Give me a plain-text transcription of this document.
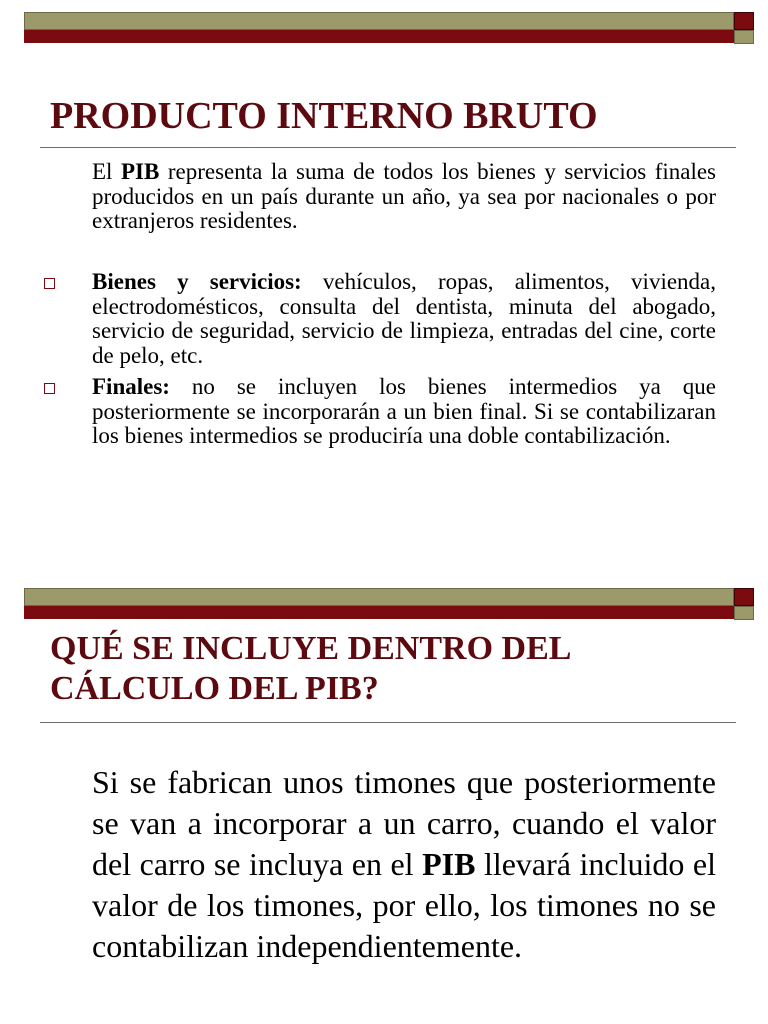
PRODUCTO INTERNO BRUTO

El PIB representa la suma de todos los bienes y servicios finales producidos en un país durante un año, ya sea por nacionales o por extranjeros residentes.

Bienes y servicios: vehículos, ropas, alimentos, vivienda, electrodomésticos, consulta del dentista, minuta del abogado, servicio de seguridad, servicio de limpieza, entradas del cine, corte de pelo, etc.

Finales: no se incluyen los bienes intermedios ya que posteriormente se incorporarán a un bien final. Si se contabilizaran los bienes intermedios se produciría una doble contabilización.

QUÉ SE INCLUYE DENTRO DEL
CÁLCULO DEL PIB?

Si se fabrican unos timones que posteriormente se van a incorporar a un carro, cuando el valor del carro se incluya en el PIB llevará incluido el valor de los timones, por ello, los timones no se contabilizan independientemente.
